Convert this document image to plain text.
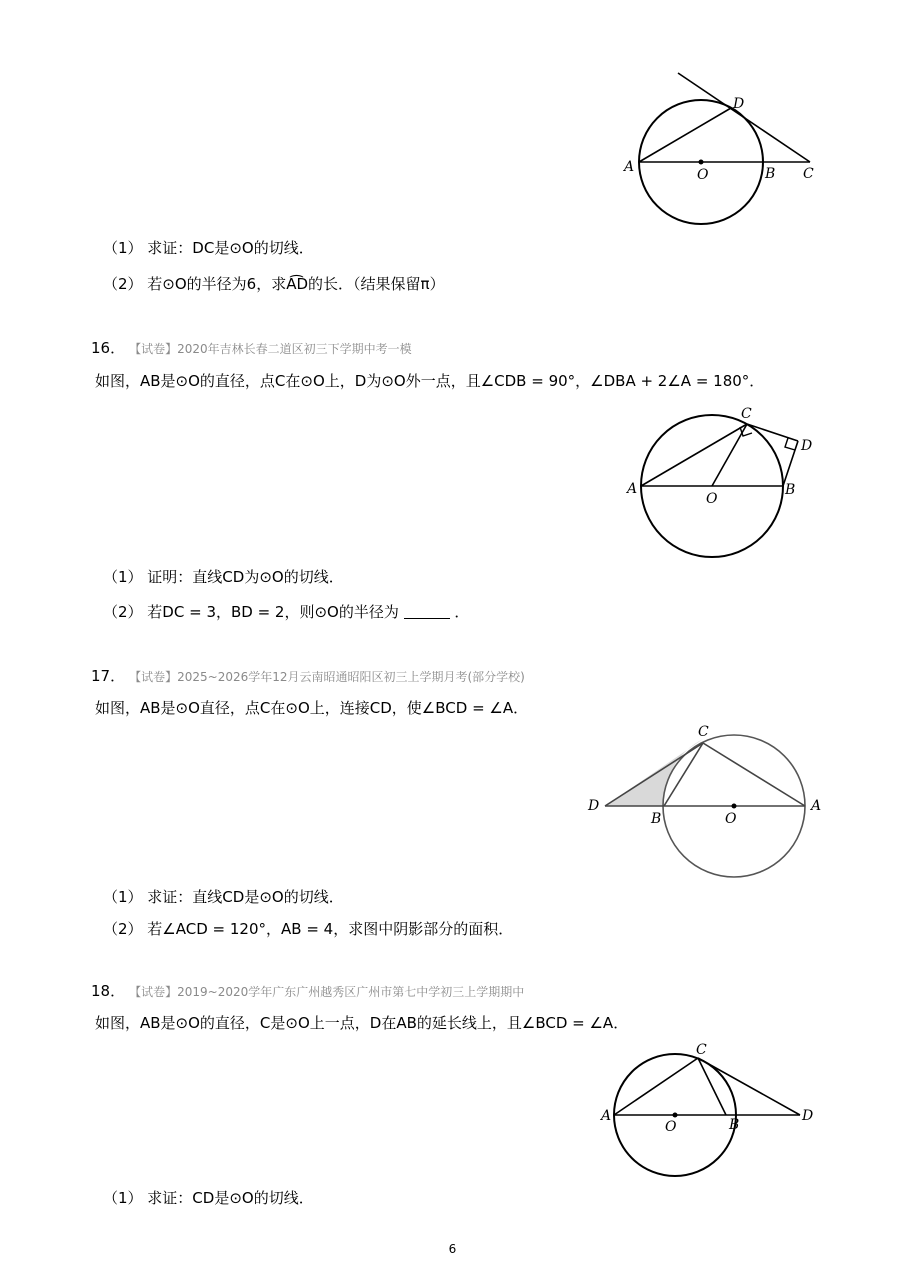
D
A	O	B C
（1） 求证：DC是⊙O的切线．
（2） 若⊙O的半径为6，求A͡D的长．（结果保留π）
16． 【试卷】2020年吉林长春二道区初三下学期中考一模
如图，AB是⊙O的直径，点C在⊙O上，D为⊙O外一点，且∠CDB = 90°，∠DBA + 2∠A = 180°．
C
D
A
O
B
（1） 证明：直线CD为⊙O的切线．
（2） 若DC = 3，BD = 2，则⊙O的半径为	．
17． 【试卷】2025~2026学年12月云南昭通昭阳区初三上学期月考(部分学校)
如图，AB是⊙O直径，点C在⊙O上，连接CD，使∠BCD = ∠A．
C
D
B	O
A
（1） 求证：直线CD是⊙O的切线．
（2） 若∠ACD = 120°，AB = 4，求图中阴影部分的面积．
18． 【试卷】2019~2020学年广东广州越秀区广州市第七中学初三上学期期中
如图，AB是⊙O的直径，C是⊙O上一点，D在AB的延长线上，且∠BCD = ∠A．
C
A
O	B
D
（1） 求证：CD是⊙O的切线．
6
